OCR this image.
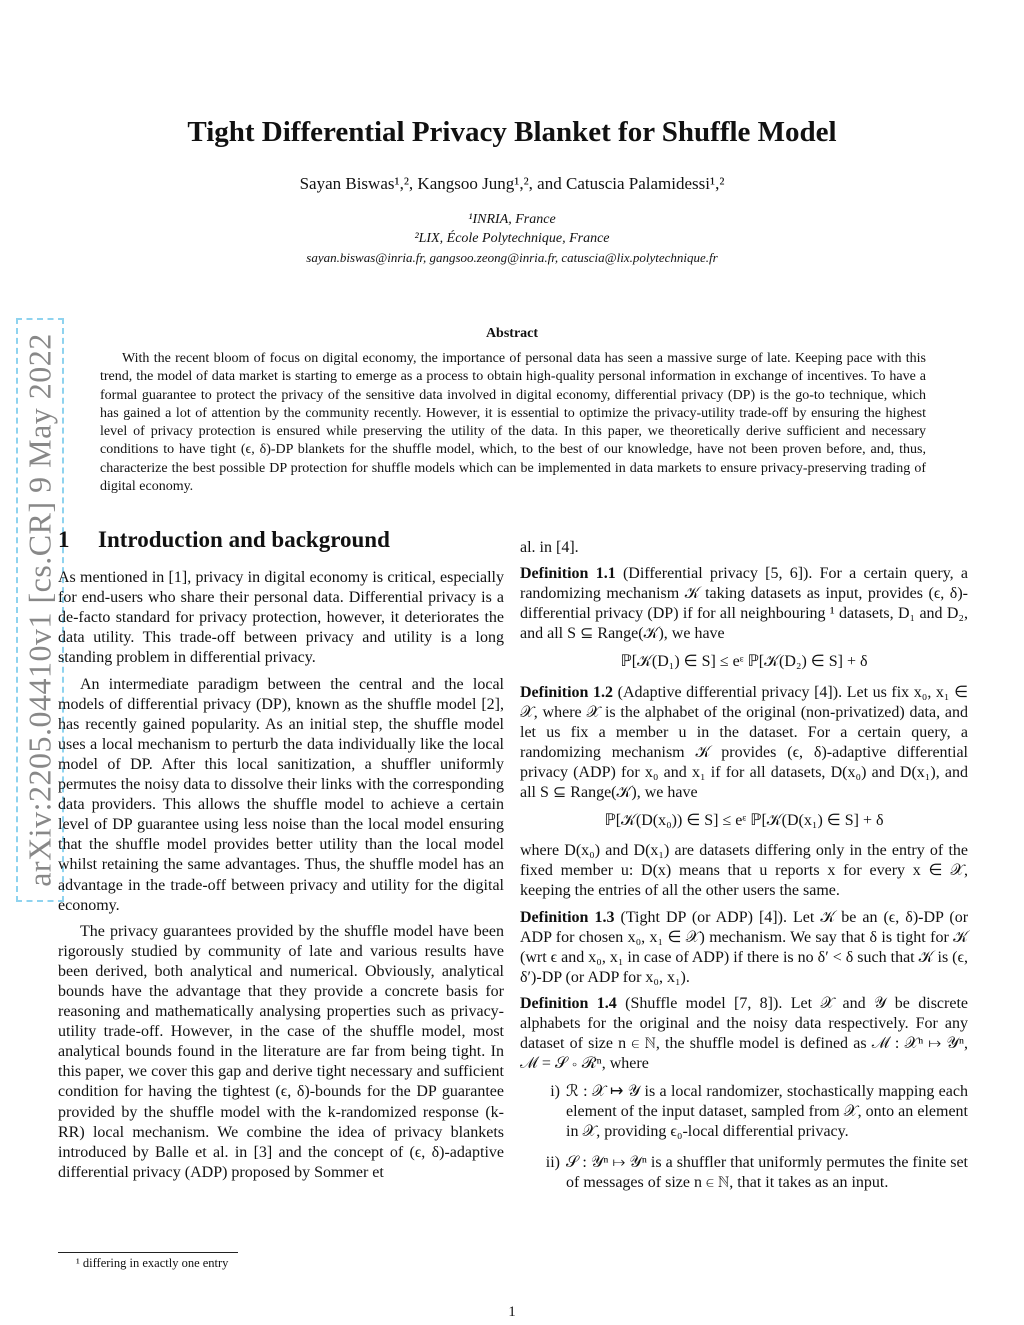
arXiv:2205.04410v1 [cs.CR] 9 May 2022
Tight Differential Privacy Blanket for Shuffle Model
Sayan Biswas¹,², Kangsoo Jung¹,², and Catuscia Palamidessi¹,²
¹INRIA, France
²LIX, École Polytechnique, France
sayan.biswas@inria.fr, gangsoo.zeong@inria.fr, catuscia@lix.polytechnique.fr
Abstract
With the recent bloom of focus on digital economy, the importance of personal data has seen a massive surge of late. Keeping pace with this trend, the model of data market is starting to emerge as a process to obtain high-quality personal information in exchange of incentives. To have a formal guarantee to protect the privacy of the sensitive data involved in digital economy, differential privacy (DP) is the go-to technique, which has gained a lot of attention by the community recently. However, it is essential to optimize the privacy-utility trade-off by ensuring the highest level of privacy protection is ensured while preserving the utility of the data. In this paper, we theoretically derive sufficient and necessary conditions to have tight (ϵ, δ)-DP blankets for the shuffle model, which, to the best of our knowledge, have not been proven before, and, thus, characterize the best possible DP protection for shuffle models which can be implemented in data markets to ensure privacy-preserving trading of digital economy.

1 Introduction and background

As mentioned in [1], privacy in digital economy is critical, especially for end-users who share their personal data. Differential privacy is a de-facto standard for privacy protection, however, it deteriorates the data utility. This trade-off between privacy and utility is a long standing problem in differential privacy.

An intermediate paradigm between the central and the local models of differential privacy (DP), known as the shuffle model [2], has recently gained popularity. As an initial step, the shuffle model uses a local mechanism to perturb the data individually like the local model of DP. After this local sanitization, a shuffler uniformly permutes the noisy data to dissolve their links with the corresponding data providers. This allows the shuffle model to achieve a certain level of DP guarantee using less noise than the local model ensuring that the shuffle model provides better utility than the local model whilst retaining the same advantages. Thus, the shuffle model has an advantage in the trade-off between privacy and utility for the digital economy.

The privacy guarantees provided by the shuffle model have been rigorously studied by community of late and various results have been derived, both analytical and numerical. Obviously, analytical bounds have the advantage that they provide a concrete basis for reasoning and mathematically analysing properties such as privacy-utility trade-off. However, in the case of the shuffle model, most analytical bounds found in the literature are far from being tight. In this paper, we cover this gap and derive tight necessary and sufficient condition for having the tightest (ϵ, δ)-bounds for the DP guarantee provided by the shuffle model with the k-randomized response (k-RR) local mechanism. We combine the idea of privacy blankets introduced by Balle et al. in [3] and the concept of (ϵ, δ)-adaptive differential privacy (ADP) proposed by Sommer et

al. in [4].

Definition 1.1 (Differential privacy [5, 6]). For a certain query, a randomizing mechanism 𝒦 taking datasets as input, provides (ϵ, δ)-differential privacy (DP) if for all neighbouring ¹ datasets, D₁ and D₂, and all S ⊆ Range(𝒦), we have

ℙ[𝒦(D₁) ∈ S] ≤ eᵋ ℙ[𝒦(D₂) ∈ S] + δ

Definition 1.2 (Adaptive differential privacy [4]). Let us fix x₀, x₁ ∈ 𝒳, where 𝒳 is the alphabet of the original (non-privatized) data, and let us fix a member u in the dataset. For a certain query, a randomizing mechanism 𝒦 provides (ϵ, δ)-adaptive differential privacy (ADP) for x₀ and x₁ if for all datasets, D(x₀) and D(x₁), and all S ⊆ Range(𝒦), we have

ℙ[𝒦(D(x₀)) ∈ S] ≤ eᵋ ℙ[𝒦(D(x₁) ∈ S] + δ

where D(x₀) and D(x₁) are datasets differing only in the entry of the fixed member u: D(x) means that u reports x for every x ∈ 𝒳, keeping the entries of all the other users the same.

Definition 1.3 (Tight DP (or ADP) [4]). Let 𝒦 be an (ϵ, δ)-DP (or ADP for chosen x₀, x₁ ∈ 𝒳) mechanism. We say that δ is tight for 𝒦 (wrt ϵ and x₀, x₁ in case of ADP) if there is no δ′ < δ such that 𝒦 is (ϵ, δ′)-DP (or ADP for x₀, x₁).

Definition 1.4 (Shuffle model [7, 8]). Let 𝒳 and 𝒴 be discrete alphabets for the original and the noisy data respectively. For any dataset of size n ∈ ℕ, the shuffle model is defined as ℳ : 𝒳ⁿ ↦ 𝒴ⁿ, ℳ = 𝒮 ∘ ℛⁿ, where

i) ℛ : 𝒳 ↦ 𝒴 is a local randomizer, stochastically mapping each element of the input dataset, sampled from 𝒳, onto an element in 𝒳, providing ϵ₀-local differential privacy.
ii) 𝒮 : 𝒴ⁿ ↦ 𝒴ⁿ is a shuffler that uniformly permutes the finite set of messages of size n ∈ ℕ, that it takes as an input.
¹ differing in exactly one entry
1
